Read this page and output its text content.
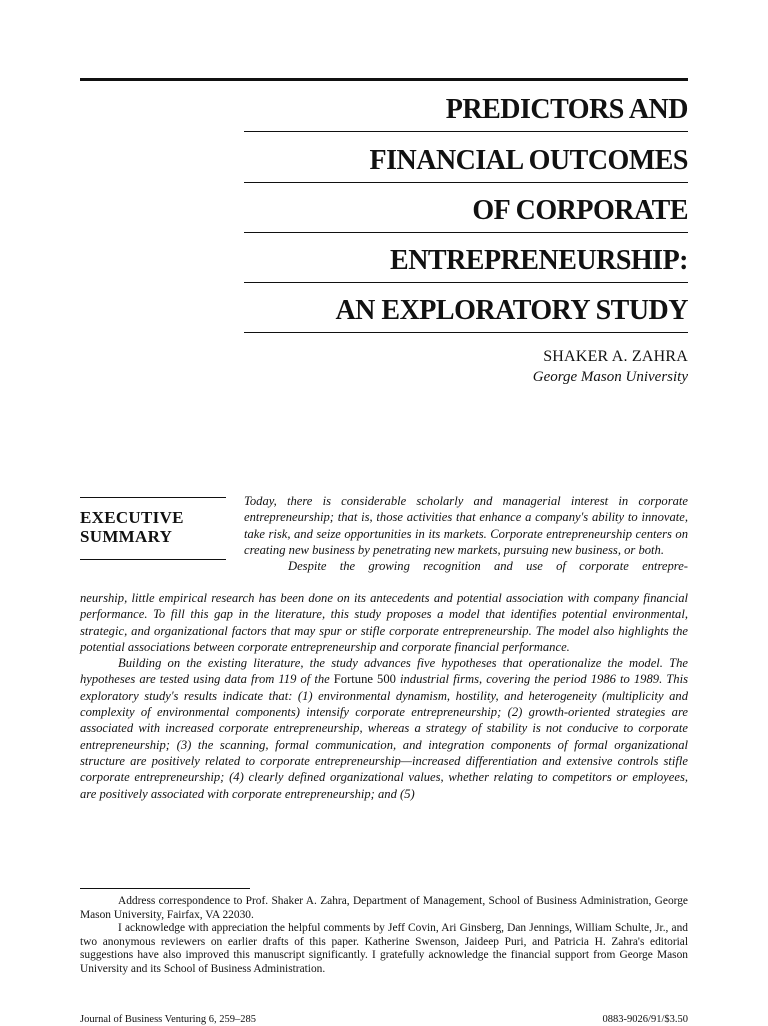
PREDICTORS AND
FINANCIAL OUTCOMES
OF CORPORATE
ENTREPRENEURSHIP:
AN EXPLORATORY STUDY
SHAKER A. ZAHRA
George Mason University
EXECUTIVE
SUMMARY
Today, there is considerable scholarly and managerial interest in corporate entrepreneurship; that is, those activities that enhance a company's ability to innovate, take risk, and seize opportunities in its markets. Corporate entrepreneurship centers on creating new business by penetrating new markets, pursuing new business, or both.
Despite the growing recognition and use of corporate entrepre-

neurship, little empirical research has been done on its antecedents and potential association with company financial performance. To fill this gap in the literature, this study proposes a model that identifies potential environmental, strategic, and organizational factors that may spur or stifle corporate entrepreneurship. The model also highlights the potential associations between corporate entrepreneurship and corporate financial performance.

Building on the existing literature, the study advances five hypotheses that operationalize the model. The hypotheses are tested using data from 119 of the Fortune 500 industrial firms, covering the period 1986 to 1989. This exploratory study's results indicate that: (1) environmental dynamism, hostility, and heterogeneity (multiplicity and complexity of environmental components) intensify corporate entrepreneurship; (2) growth-oriented strategies are associated with increased corporate entrepreneurship, whereas a strategy of stability is not conducive to corporate entrepreneurship; (3) the scanning, formal communication, and integration components of formal organizational structure are positively related to corporate entrepreneurship—increased differentiation and extensive controls stifle corporate entrepreneurship; (4) clearly defined organizational values, whether relating to competitors or employees, are positively associated with corporate entrepreneurship; and (5)

Address correspondence to Prof. Shaker A. Zahra, Department of Management, School of Business Administration, George Mason University, Fairfax, VA 22030.

I acknowledge with appreciation the helpful comments by Jeff Covin, Ari Ginsberg, Dan Jennings, William Schulte, Jr., and two anonymous reviewers on earlier drafts of this paper. Katherine Swenson, Jaideep Puri, and Patricia H. Zahra's editorial suggestions have also improved this manuscript significantly. I gratefully acknowledge the financial support from George Mason University and its School of Business Administration.

Journal of Business Venturing 6, 259–285	0883-9026/91/$3.50
